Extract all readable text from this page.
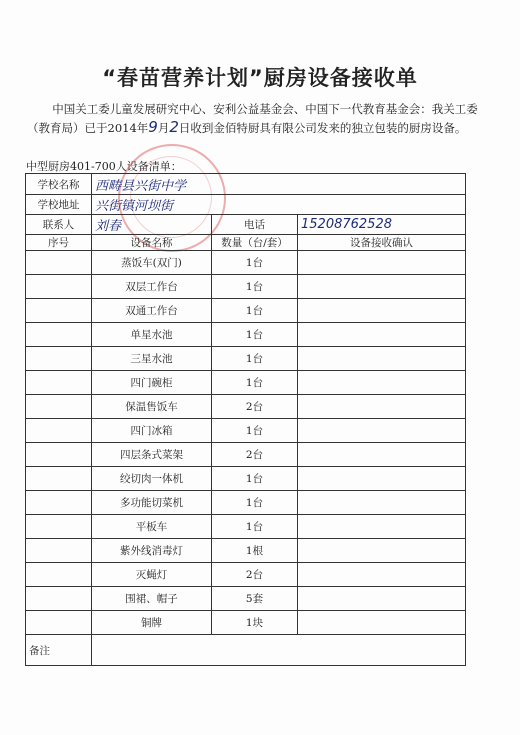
“春苗营养计划”厨房设备接收单
中国关工委儿童发展研究中心、安利公益基金会、中国下一代教育基金会：我关工委（教育局）已于2014年9月2日收到金佰特厨具有限公司发来的独立包装的厨房设备。
中型厨房401-700人设备清单：
学校名称	西畴县兴街中学		
学校地址	兴街镇河坝街		
联系人	刘春	电话	15208762528
序号	设备名称	数量（台/套）	设备接收确认
	蒸饭车(双门)	1台	
	双层工作台	1台	
	双通工作台	1台	
	单星水池	1台	
	三星水池	1台	
	四门碗柜	1台	
	保温售饭车	2台	
	四门冰箱	1台	
	四层条式菜架	2台	
	绞切肉一体机	1台	
	多功能切菜机	1台	
	平板车	1台	
	紫外线消毒灯	1根	
	灭蝇灯	2台	
	围裙、帽子	5套	
	铜牌	1块	
备注			
